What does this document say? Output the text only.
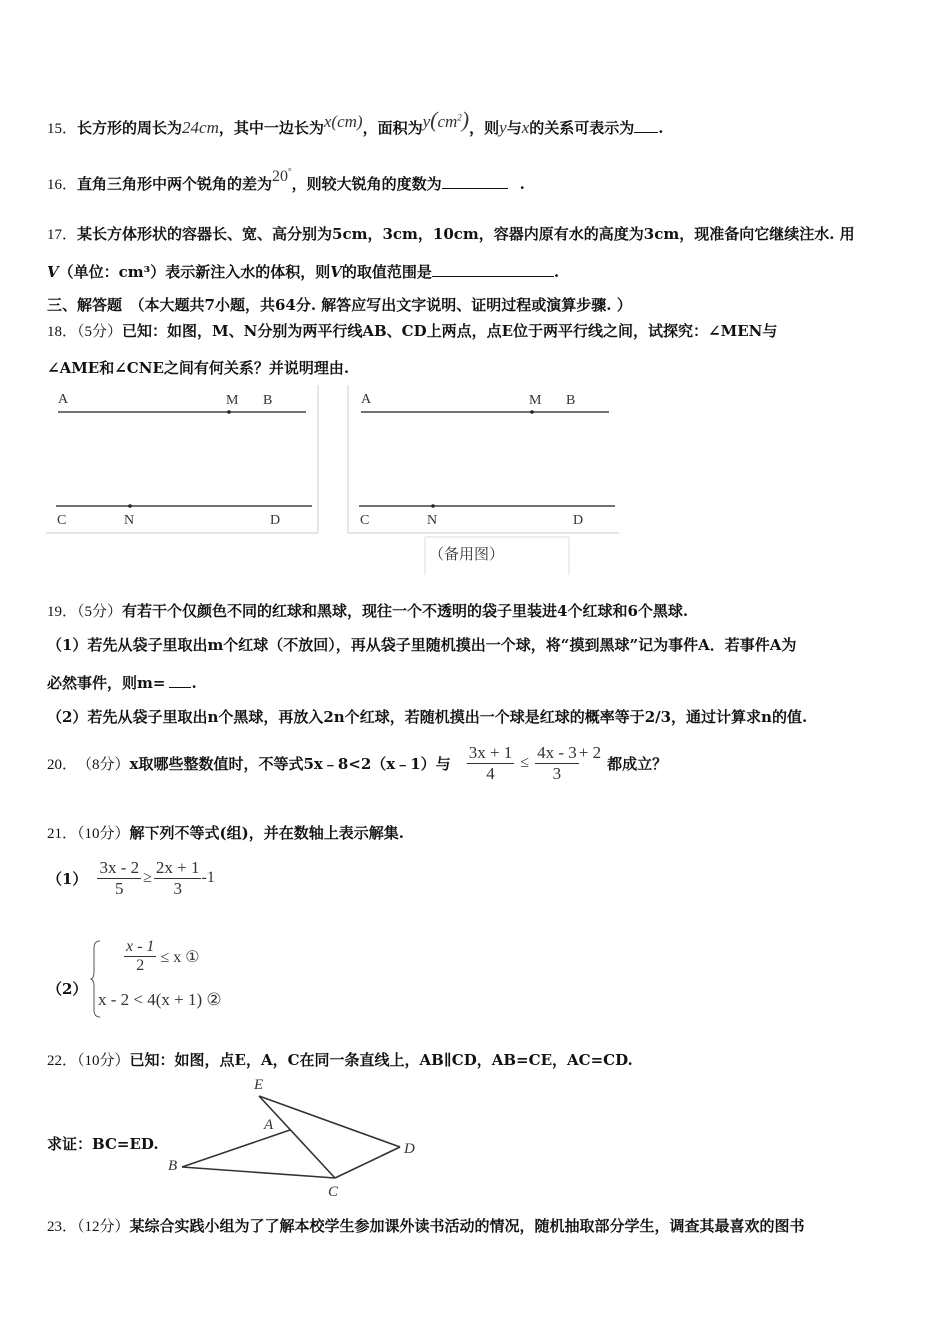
15．长方形的周长为24cm，其中一边长为x(cm)，面积为$y(cm^2)$，则y与x的关系可表示为 .
16．直角三角形中两个锐角的差为20°，则较大锐角的度数为	.
17．某长方体形状的容器长、宽、高分别为5cm，3cm，10cm，容器内原有水的高度为3cm，现准备向它继续注水. 用
V（单位：cm³）表示新注入水的体积，则V的取值范围是	.
三、解答题　（本大题共7小题，共64分. 解答应写出文字说明、证明过程或演算步骤. ）
18．（5分）已知：如图，M、N分别为两平行线AB、CD上两点，点E位于两平行线之间，试探究：∠MEN与
∠AME和∠CNE之间有何关系？并说明理由.
A	M B
C	N	D
A	M B
C	N	D
（备用图）
19．（5分）有若干个仅颜色不同的红球和黑球，现往一个不透明的袋子里装进4个红球和6个黑球.
（1）若先从袋子里取出m个红球（不放回），再从袋子里随机摸出一个球，将“摸到黑球”记为事件A．若事件A为
必然事件，则m= .
（2）若先从袋子里取出n个黑球，再放入2n个红球，若随机摸出一个球是红球的概率等于2/3，通过计算求n的值.
20． （8分） x取哪些整数值时，不等式5x﹣8<2（x﹣1）与 $\frac{3x + 1}{4} \le \frac{4x - 3}{3} + 2$
都成立？
21．（10分）解下列不等式(组)，并在数轴上表示解集.
$(1) \frac{3x - 2}{5} \ge \frac{2x + 1}{3} -1$
（2）
$\frac{x - 1}{2} \le x$ ①
x - 2 < 4(x + 1) ②
22．（10分）已知：如图，点E，A，C在同一条直线上，AB∥CD，AB=CE，AC=CD.
求证：BC=ED.
E
A
B
C
D
23．（12分）某综合实践小组为了了解本校学生参加课外读书活动的情况，随机抽取部分学生，调查其最喜欢的图书
